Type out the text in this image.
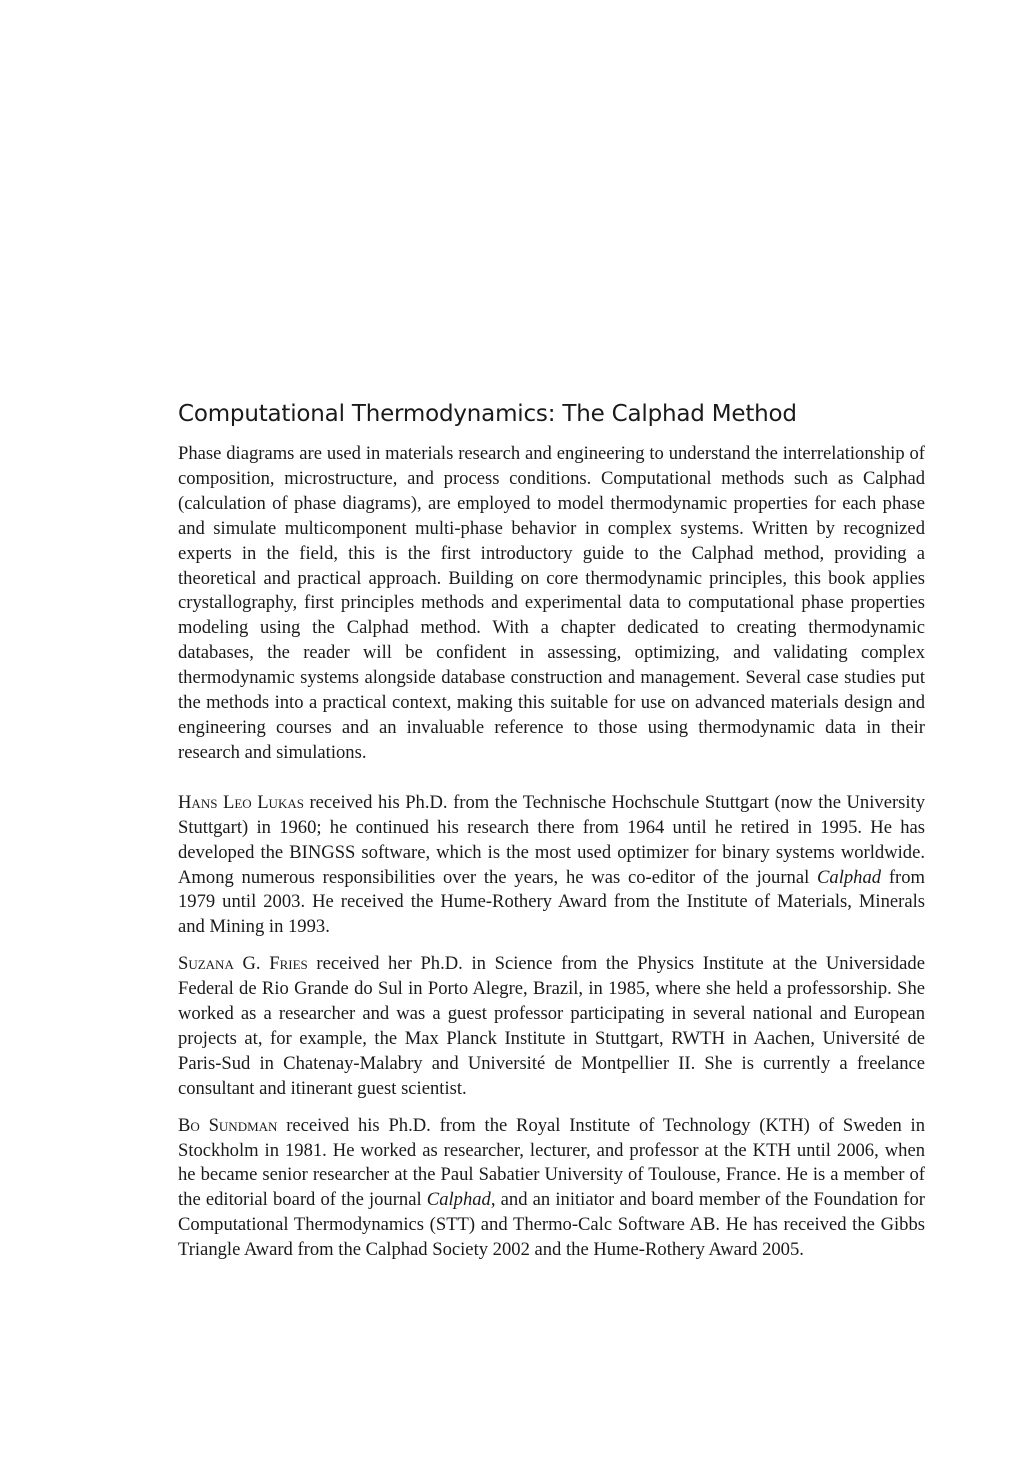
Computational Thermodynamics: The Calphad Method

Phase diagrams are used in materials research and engineering to understand the interrelationship of composition, microstructure, and process conditions. Computational methods such as Calphad (calculation of phase diagrams), are employed to model thermodynamic properties for each phase and simulate multicomponent multi-phase behavior in complex systems. Written by recognized experts in the field, this is the first introductory guide to the Calphad method, providing a theoretical and practical approach. Building on core thermodynamic principles, this book applies crystallography, first principles methods and experimental data to computational phase properties modeling using the Calphad method. With a chapter dedicated to creating thermodynamic databases, the reader will be confident in assessing, optimizing, and validating complex thermodynamic systems alongside database construction and management. Several case studies put the methods into a practical context, making this suitable for use on advanced materials design and engineering courses and an invaluable reference to those using thermodynamic data in their research and simulations.

Hans Leo Lukas received his Ph.D. from the Technische Hochschule Stuttgart (now the University Stuttgart) in 1960; he continued his research there from 1964 until he retired in 1995. He has developed the BINGSS software, which is the most used optimizer for binary systems worldwide. Among numerous responsibilities over the years, he was co-editor of the journal Calphad from 1979 until 2003. He received the Hume-Rothery Award from the Institute of Materials, Minerals and Mining in 1993.

Suzana G. Fries received her Ph.D. in Science from the Physics Institute at the Universidade Federal de Rio Grande do Sul in Porto Alegre, Brazil, in 1985, where she held a professorship. She worked as a researcher and was a guest professor participating in several national and European projects at, for example, the Max Planck Institute in Stuttgart, RWTH in Aachen, Université de Paris-Sud in Chatenay-Malabry and Université de Montpellier II. She is currently a freelance consultant and itinerant guest scientist.

Bo Sundman received his Ph.D. from the Royal Institute of Technology (KTH) of Sweden in Stockholm in 1981. He worked as researcher, lecturer, and professor at the KTH until 2006, when he became senior researcher at the Paul Sabatier University of Toulouse, France. He is a member of the editorial board of the journal Calphad, and an initiator and board member of the Foundation for Computational Thermodynamics (STT) and Thermo-Calc Software AB. He has received the Gibbs Triangle Award from the Calphad Society 2002 and the Hume-Rothery Award 2005.
